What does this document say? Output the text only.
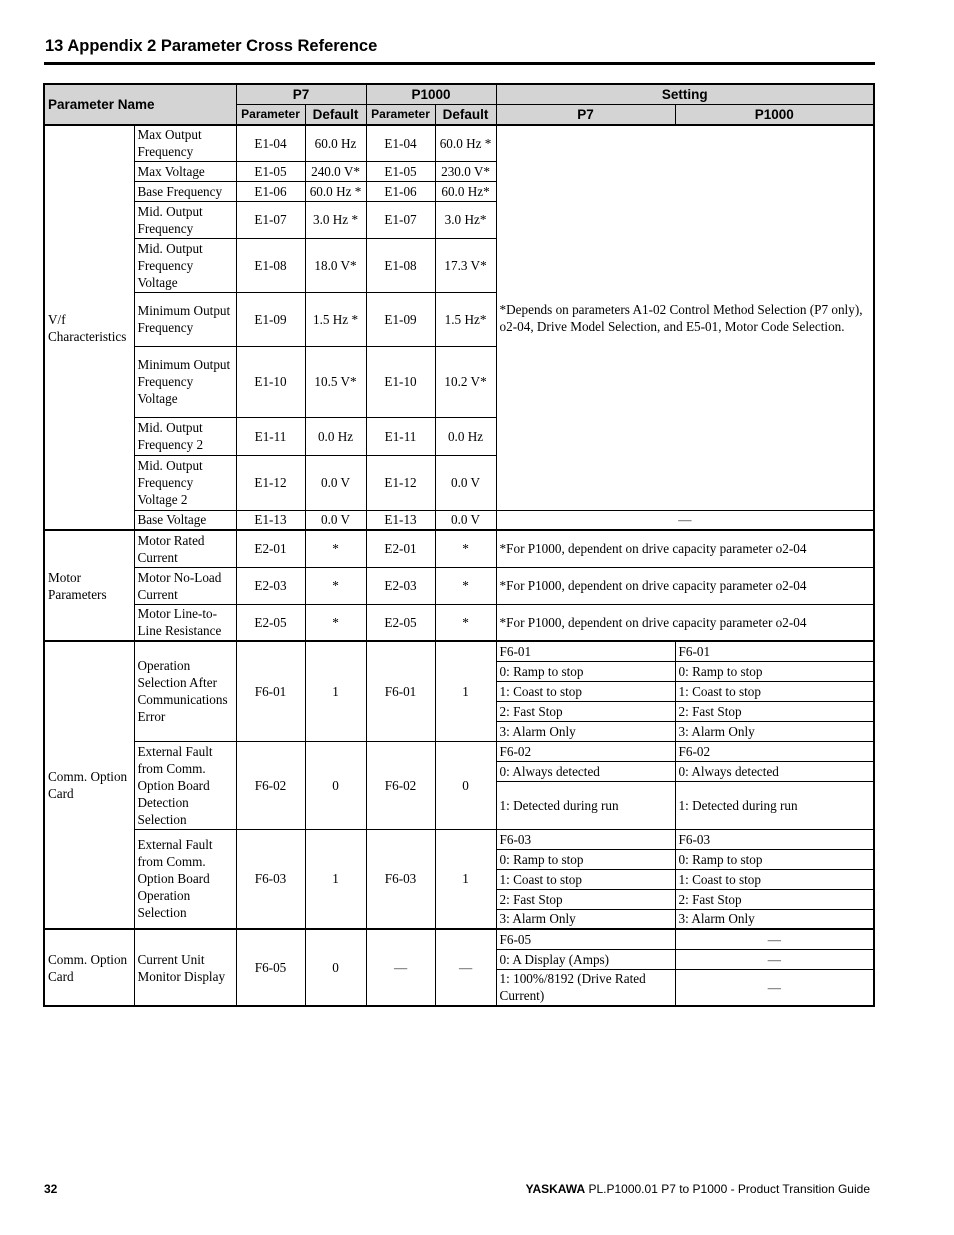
13 Appendix 2 Parameter Cross Reference
Parameter Name		P7		P1000		Setting	
		Parameter	Default	Parameter	Default	P7	P1000
V/f Characteristics	Max Output Frequency	E1-04	60.0 Hz	E1-04	60.0 Hz *	*Depends on parameters A1-02 Control Method Selection (P7 only), o2-04, Drive Model Selection, and E5-01, Motor Code Selection.	
	Max Voltage	E1-05	240.0 V*	E1-05	230.0 V*		
	Base Frequency	E1-06	60.0 Hz *	E1-06	60.0 Hz*		
	Mid. Output Frequency	E1-07	3.0 Hz *	E1-07	3.0 Hz*		
	Mid. Output Frequency Voltage	E1-08	18.0 V*	E1-08	17.3 V*		
	Minimum Output Frequency	E1-09	1.5 Hz *	E1-09	1.5 Hz*		
	Minimum Output Frequency Voltage	E1-10	10.5 V*	E1-10	10.2 V*		
	Mid. Output Frequency 2	E1-11	0.0 Hz	E1-11	0.0 Hz		
	Mid. Output Frequency Voltage 2	E1-12	0.0 V	E1-12	0.0 V		
	Base Voltage	E1-13	0.0 V	E1-13	0.0 V	—	
Motor Parameters	Motor Rated Current	E2-01	*	E2-01	*	*For P1000, dependent on drive capacity parameter o2-04	
	Motor No-Load Current	E2-03	*	E2-03	*	*For P1000, dependent on drive capacity parameter o2-04	
	Motor Line-to-Line Resistance	E2-05	*	E2-05	*	*For P1000, dependent on drive capacity parameter o2-04	
Comm. Option Card	Operation Selection After Communications Error	F6-01	1	F6-01	1	F6-01	F6-01
						0: Ramp to stop	0: Ramp to stop
						1: Coast to stop	1: Coast to stop
						2: Fast Stop	2: Fast Stop
						3: Alarm Only	3: Alarm Only
	External Fault from Comm. Option Board Detection Selection	F6-02	0	F6-02	0	F6-02	F6-02
						0: Always detected	0: Always detected
						1: Detected during run	1: Detected during run
	External Fault from Comm. Option Board Operation Selection	F6-03	1	F6-03	1	F6-03	F6-03
						0: Ramp to stop	0: Ramp to stop
						1: Coast to stop	1: Coast to stop
						2: Fast Stop	2: Fast Stop
						3: Alarm Only	3: Alarm Only
Comm. Option Card	Current Unit Monitor Display	F6-05	0	—	—	F6-05	—
						0: A Display (Amps)	—
						1: 100%/8192 (Drive Rated Current)	—
32	YASKAWA PL.P1000.01 P7 to P1000 - Product Transition Guide
